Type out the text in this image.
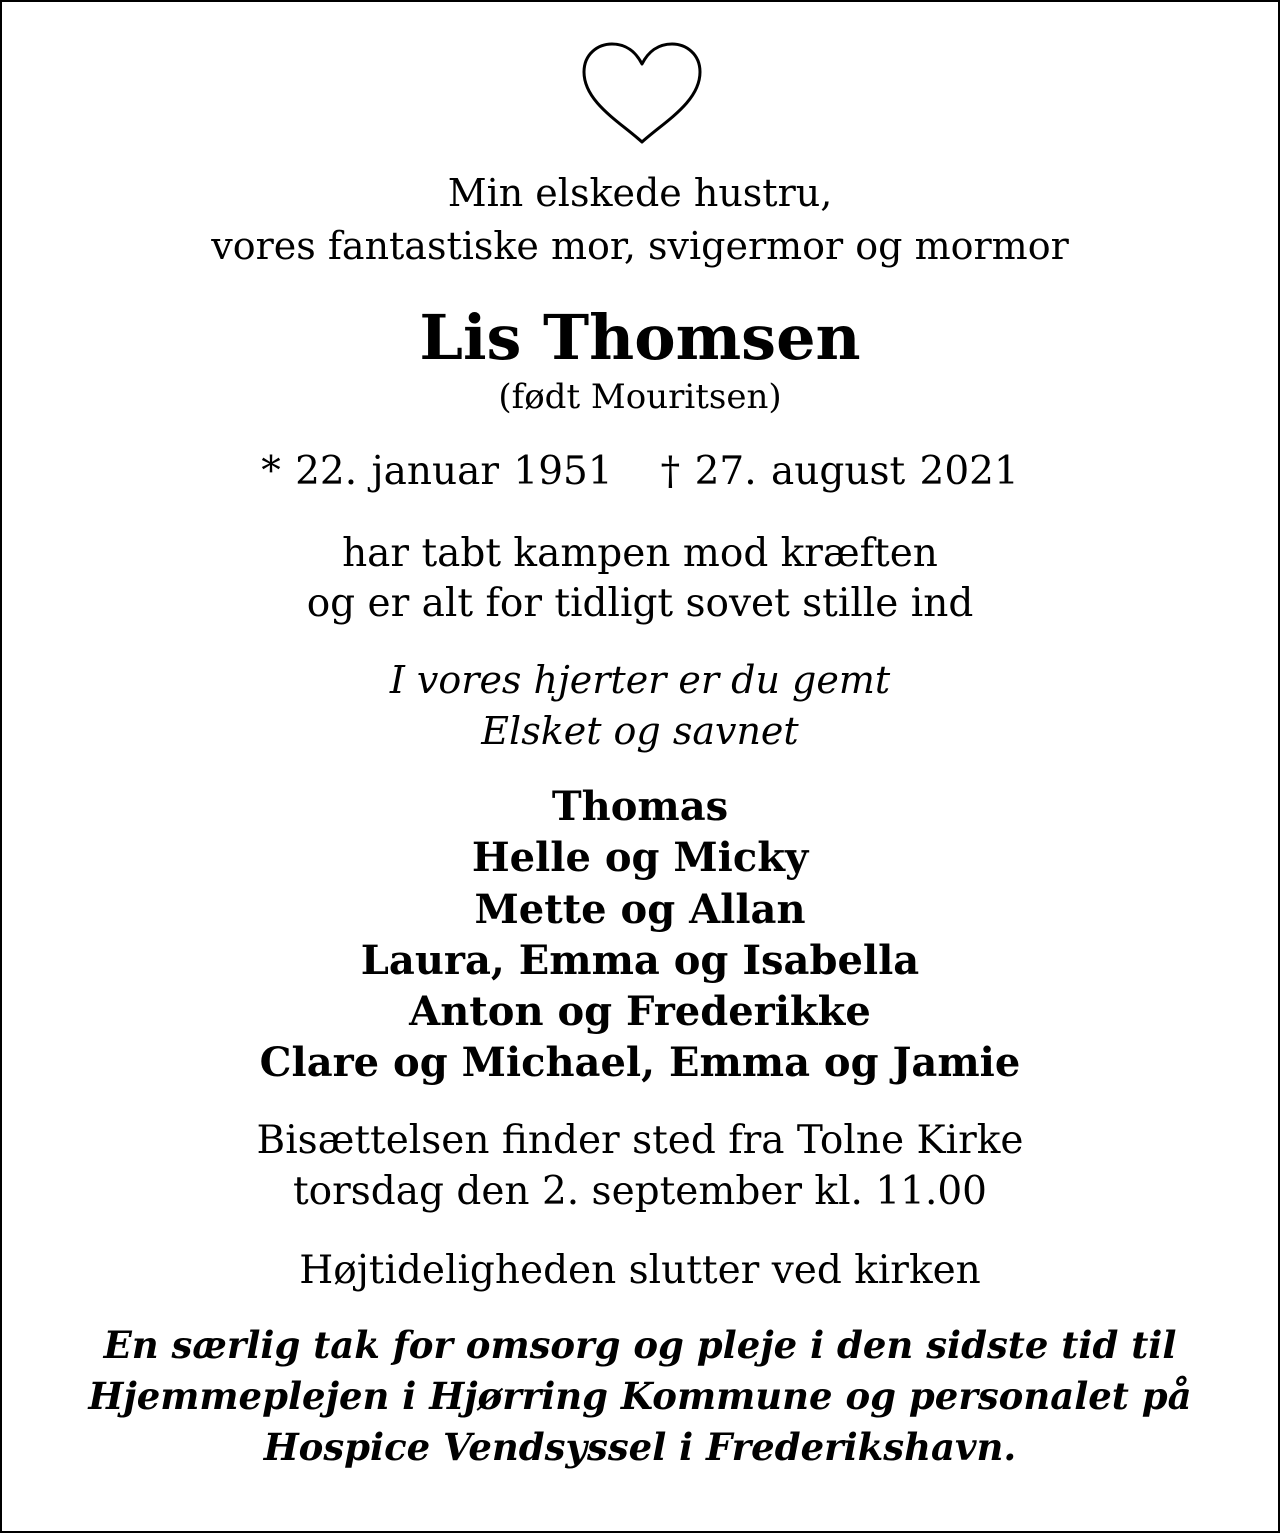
Min elskede hustru,
vores fantastiske mor, svigermor og mormor
Lis Thomsen
(født Mouritsen)
* 22. januar 1951 † 27. august 2021
har tabt kampen mod kræften
og er alt for tidligt sovet stille ind
I vores hjerter er du gemt
Elsket og savnet
Thomas
Helle og Micky
Mette og Allan
Laura, Emma og Isabella
Anton og Frederikke
Clare og Michael, Emma og Jamie
Bisættelsen finder sted fra Tolne Kirke
torsdag den 2. september kl. 11.00
Højtideligheden slutter ved kirken
En særlig tak for omsorg og pleje i den sidste tid til
Hjemmeplejen i Hjørring Kommune og personalet på
Hospice Vendsyssel i Frederikshavn.
